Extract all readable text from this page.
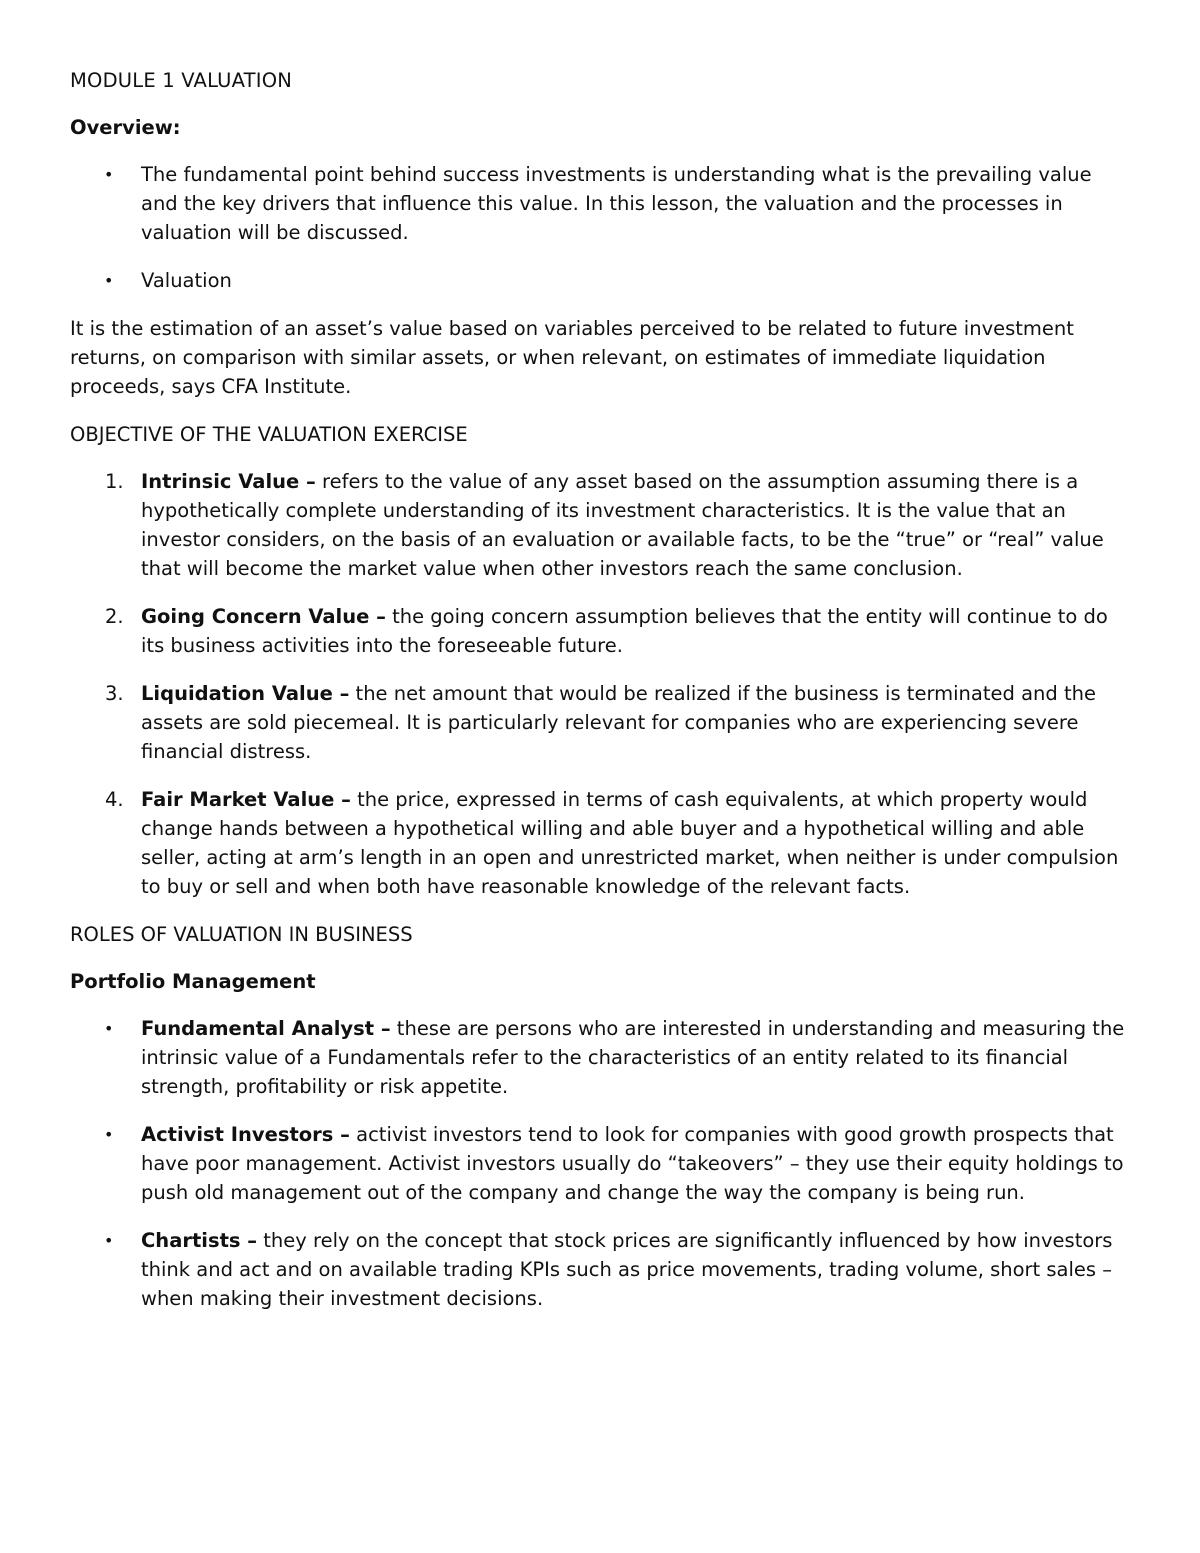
MODULE 1 VALUATION
Overview:
• The fundamental point behind success investments is understanding what is the prevailing value and the key drivers that influence this value. In this lesson, the valuation and the processes in valuation will be discussed.
• Valuation

It is the estimation of an asset’s value based on variables perceived to be related to future investment returns, on comparison with similar assets, or when relevant, on estimates of immediate liquidation proceeds, says CFA Institute.

OBJECTIVE OF THE VALUATION EXERCISE
1. Intrinsic Value – refers to the value of any asset based on the assumption assuming there is a hypothetically complete understanding of its investment characteristics. It is the value that an investor considers, on the basis of an evaluation or available facts, to be the “true” or “real” value that will become the market value when other investors reach the same conclusion.
2. Going Concern Value – the going concern assumption believes that the entity will continue to do its business activities into the foreseeable future.
3. Liquidation Value – the net amount that would be realized if the business is terminated and the assets are sold piecemeal. It is particularly relevant for companies who are experiencing severe financial distress.
4. Fair Market Value – the price, expressed in terms of cash equivalents, at which property would change hands between a hypothetical willing and able buyer and a hypothetical willing and able seller, acting at arm’s length in an open and unrestricted market, when neither is under compulsion to buy or sell and when both have reasonable knowledge of the relevant facts.
ROLES OF VALUATION IN BUSINESS
Portfolio Management
• Fundamental Analyst – these are persons who are interested in understanding and measuring the intrinsic value of a Fundamentals refer to the characteristics of an entity related to its financial strength, profitability or risk appetite.
• Activist Investors – activist investors tend to look for companies with good growth prospects that have poor management. Activist investors usually do “takeovers” – they use their equity holdings to push old management out of the company and change the way the company is being run.
• Chartists – they rely on the concept that stock prices are significantly influenced by how investors think and act and on available trading KPIs such as price movements, trading volume, short sales – when making their investment decisions.
